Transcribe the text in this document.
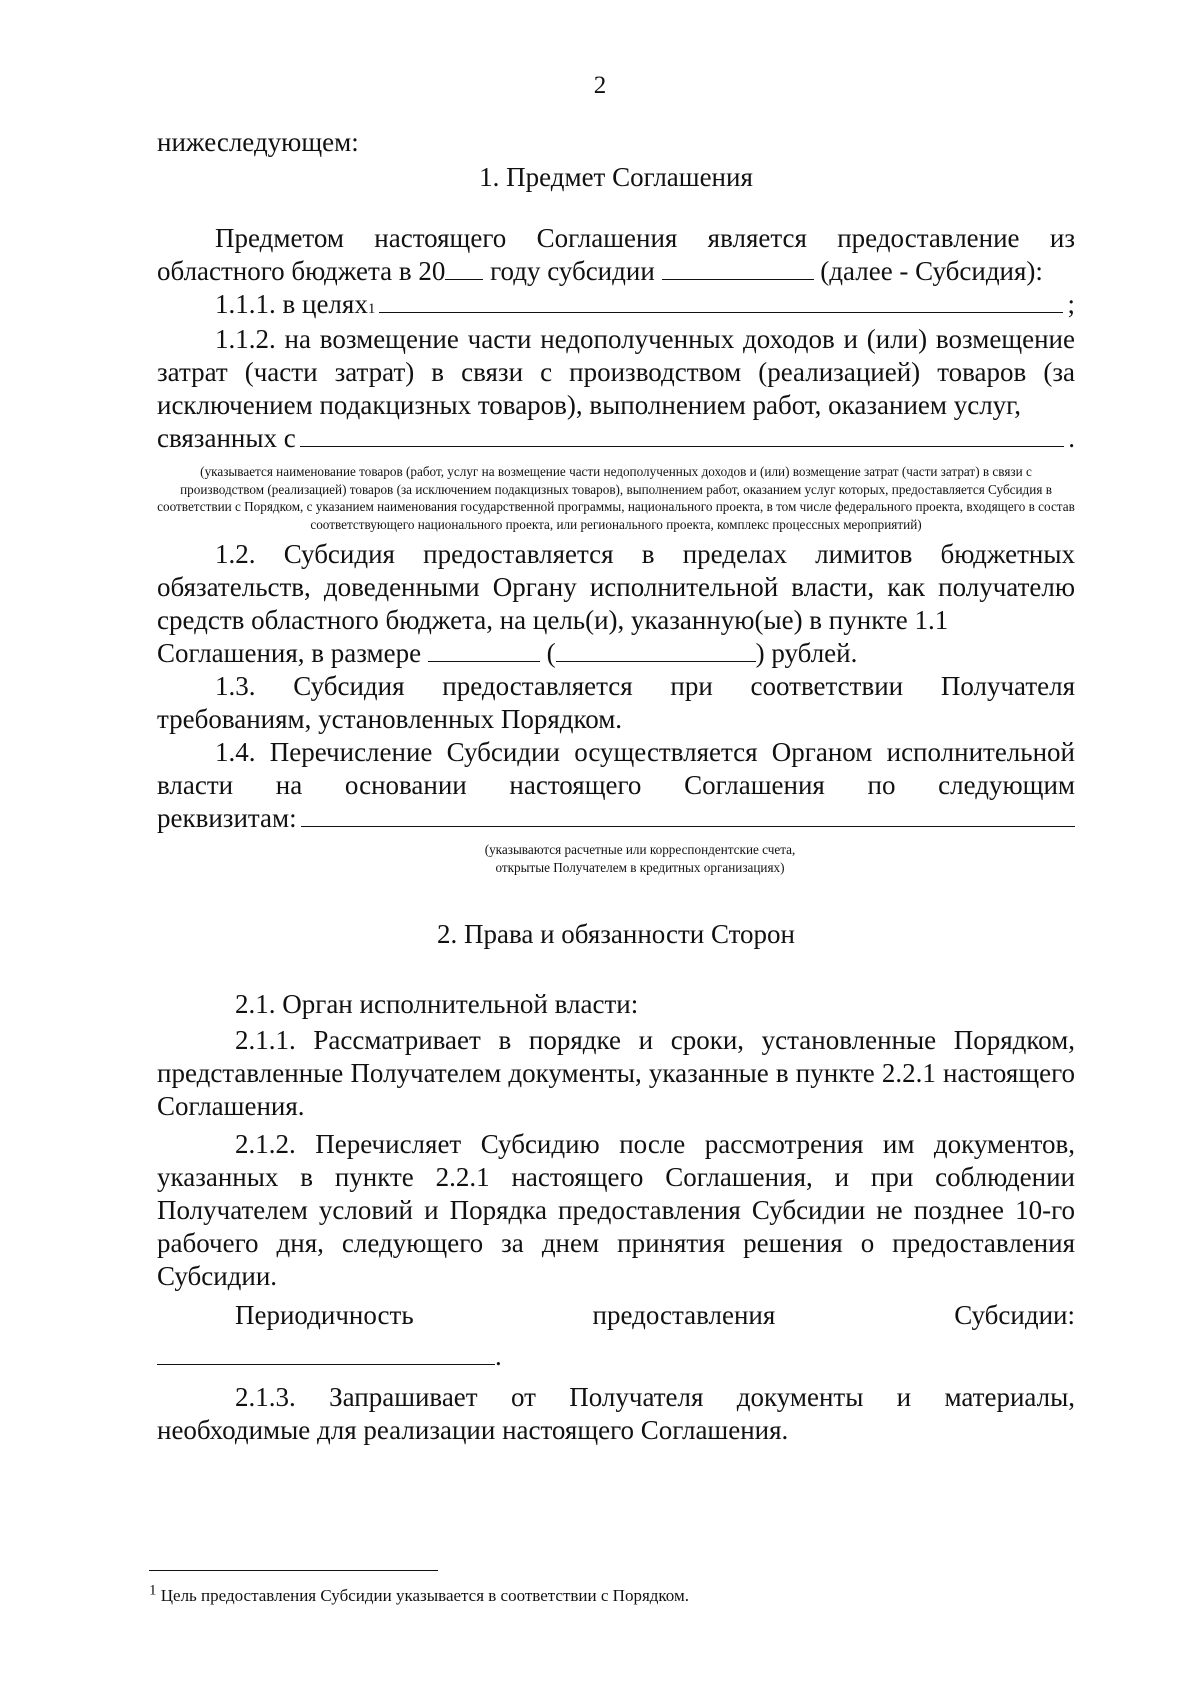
2

нижеследующем:

1. Предмет Соглашения

Предметом настоящего Соглашения является предоставление из областного бюджета в 20 году субсидии	(далее - Субсидия):

1.1.1. в целях 1	;

1.1.2. на возмещение части недополученных доходов и (или) возмещение затрат (части затрат) в связи с производством (реализацией) товаров (за исключением подакцизных товаров), выполнением работ, оказанием услуг,

связанных с	.

(указывается наименование товаров (работ, услуг на возмещение части недополученных доходов и (или) возмещение затрат (части затрат) в связи с производством (реализацией) товаров (за исключением подакцизных товаров), выполнением работ, оказанием услуг которых, предоставляется Субсидия в соответствии с Порядком, с указанием наименования государственной программы, национального проекта, в том числе федерального проекта, входящего в состав соответствующего национального проекта, или регионального проекта, комплекс процессных мероприятий)

1.2. Субсидия предоставляется в пределах лимитов бюджетных обязательств, доведенными Органу исполнительной власти, как получателю средств областного бюджета, на цель(и), указанную(ые) в пункте 1.1

Соглашения, в размере	(	) рублей.

1.3. Субсидия предоставляется при соответствии Получателя требованиям, установленных Порядком.

1.4. Перечисление Субсидии осуществляется Органом исполнительной власти на основании настоящего Соглашения по следующим

реквизитам:

(указываются расчетные или корреспондентские счета,

открытые Получателем в кредитных организациях)

2. Права и обязанности Сторон

2.1. Орган исполнительной власти:

2.1.1. Рассматривает в порядке и сроки, установленные Порядком, представленные Получателем документы, указанные в пункте 2.2.1 настоящего Соглашения.

2.1.2. Перечисляет Субсидию после рассмотрения им документов, указанных в пункте 2.2.1 настоящего Соглашения, и при соблюдении Получателем условий и Порядка предоставления Субсидии не позднее 10-го рабочего дня, следующего за днем принятия решения о предоставления Субсидии.

Периодичность предоставления Субсидии:

.

2.1.3. Запрашивает от Получателя документы и материалы, необходимые для реализации настоящего Соглашения.

1 Цель предоставления Субсидии указывается в соответствии с Порядком.
